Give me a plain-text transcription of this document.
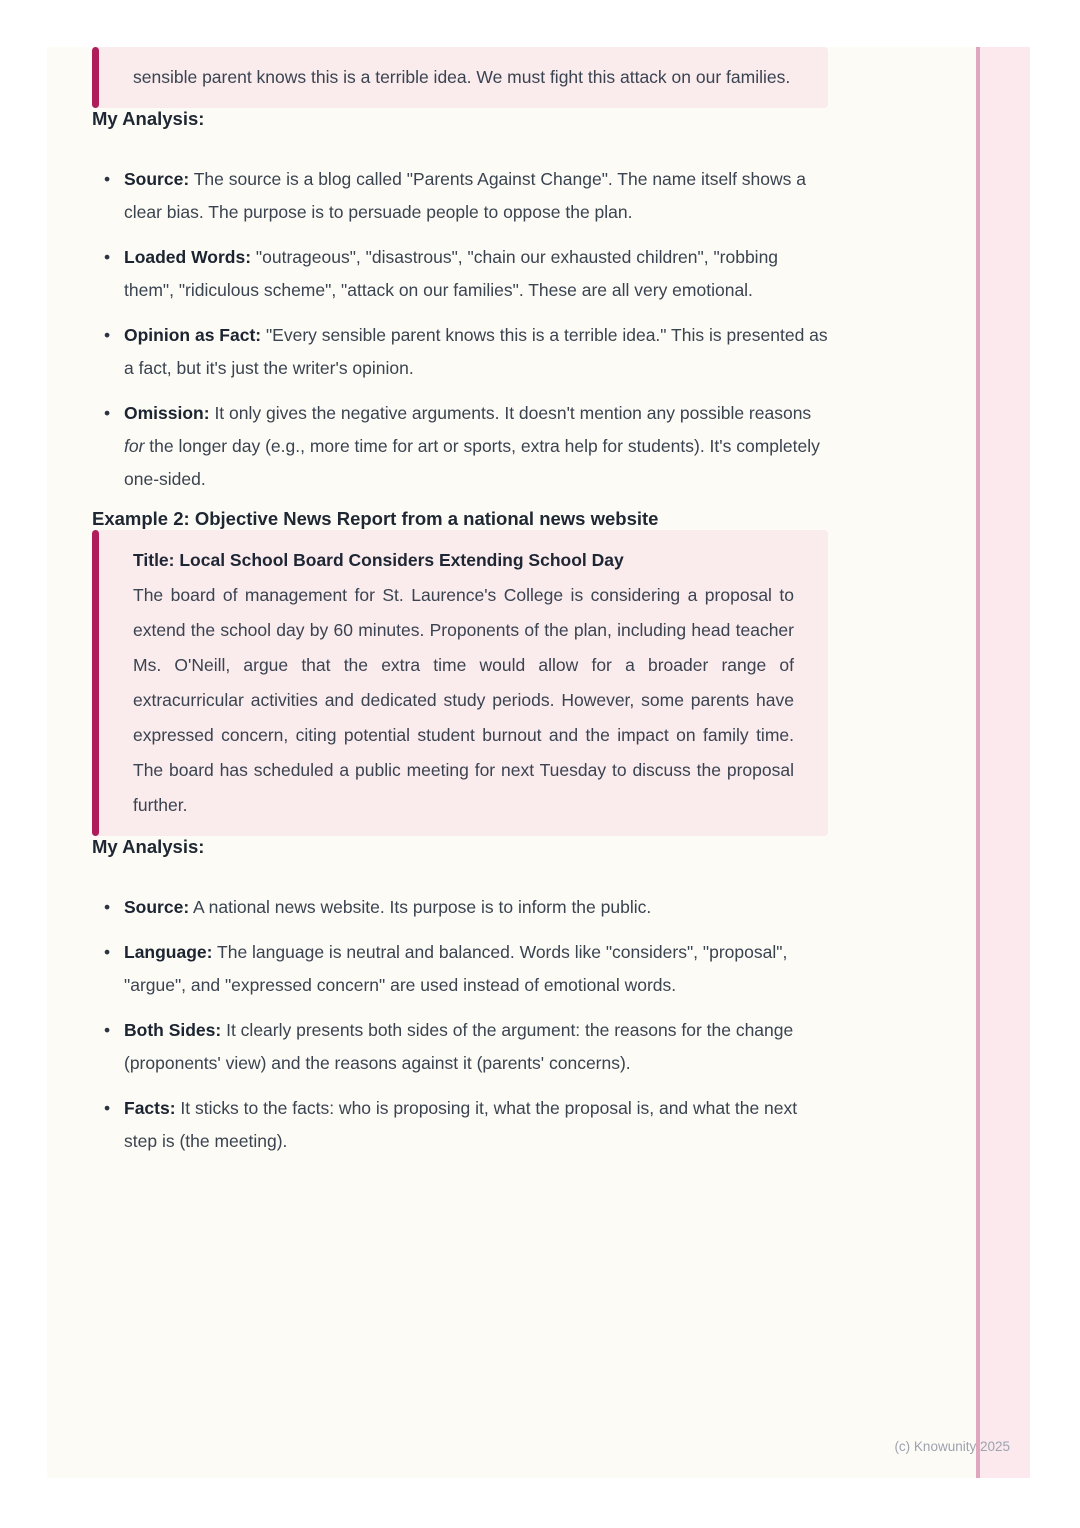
sensible parent knows this is a terrible idea. We must fight this attack on our families.
My Analysis:
• Source: The source is a blog called "Parents Against Change". The name itself shows a clear bias. The purpose is to persuade people to oppose the plan.
• Loaded Words: "outrageous", "disastrous", "chain our exhausted children", "robbing them", "ridiculous scheme", "attack on our families". These are all very emotional.
• Opinion as Fact: "Every sensible parent knows this is a terrible idea." This is presented as a fact, but it's just the writer's opinion.
• Omission: It only gives the negative arguments. It doesn't mention any possible reasons for the longer day (e.g., more time for art or sports, extra help for students). It's completely one-sided.
Example 2: Objective News Report from a national news website
Title: Local School Board Considers Extending School Day
The board of management for St. Laurence's College is considering a proposal to extend the school day by 60 minutes. Proponents of the plan, including head teacher Ms. O'Neill, argue that the extra time would allow for a broader range of extracurricular activities and dedicated study periods. However, some parents have expressed concern, citing potential student burnout and the impact on family time. The board has scheduled a public meeting for next Tuesday to discuss the proposal further.
My Analysis:
• Source: A national news website. Its purpose is to inform the public.
• Language: The language is neutral and balanced. Words like "considers", "proposal", "argue", and "expressed concern" are used instead of emotional words.
• Both Sides: It clearly presents both sides of the argument: the reasons for the change (proponents' view) and the reasons against it (parents' concerns).
• Facts: It sticks to the facts: who is proposing it, what the proposal is, and what the next step is (the meeting).
(c) Knowunity 2025
